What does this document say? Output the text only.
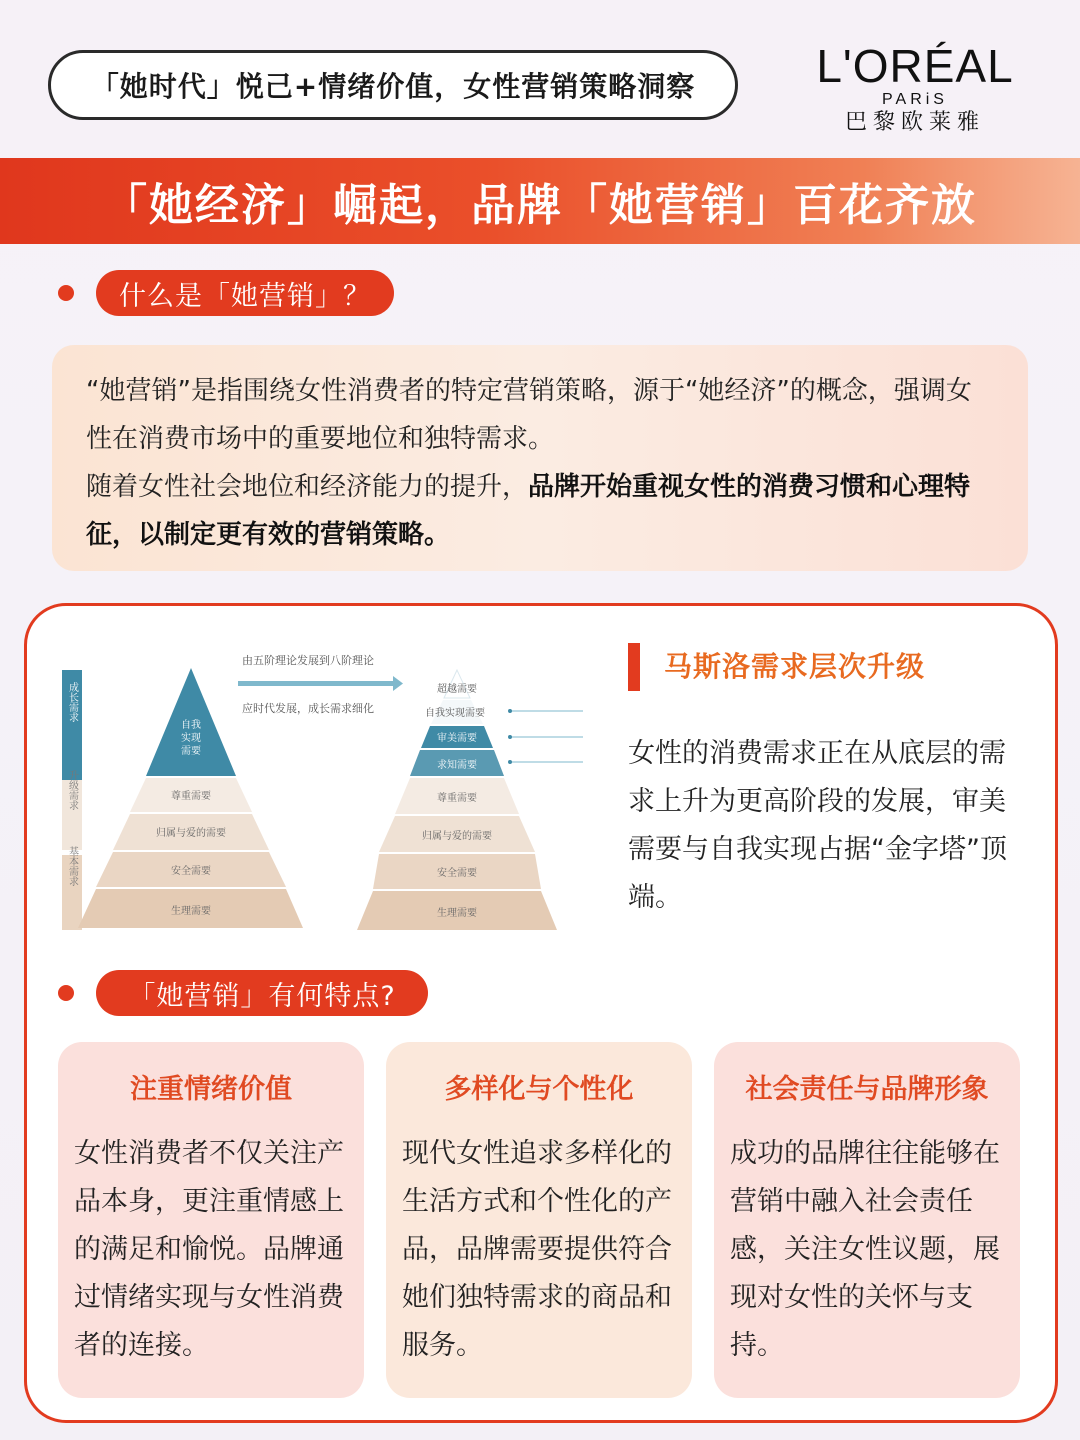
「她时代」悦己+情绪价值，女性营销策略洞察	L'ORÉAL
PARiS
巴黎欧莱雅
「她经济」崛起，品牌「她营销」百花齐放
什么是「她营销」？

“她营销”是指围绕女性消费者的特定营销策略，源于“她经济”的概念，强调女性在消费市场中的重要地位和独特需求。

随着女性社会地位和经济能力的提升，品牌开始重视女性的消费习惯和心理特征，以制定更有效的营销策略。

成长需求
升级需求
基本需求
自我实现需要
尊重需要
归属与爱的需要
安全需要
生理需要
由五阶理论发展到八阶理论
应时代发展，成长需求细化
超越需要
自我实现需要
审美需要
求知需要
尊重需要
归属与爱的需要
安全需要
生理需要
马斯洛需求层次升级
女性的消费需求正在从底层的需求上升为更高阶段的发展，审美需要与自我实现占据“金字塔”顶端。
「她营销」有何特点?
注重情绪价值
女性消费者不仅关注产品本身，更注重情感上的满足和愉悦。品牌通过情绪实现与女性消费者的连接。
多样化与个性化
现代女性追求多样化的生活方式和个性化的产品，品牌需要提供符合她们独特需求的商品和服务。
社会责任与品牌形象
成功的品牌往往能够在营销中融入社会责任感，关注女性议题，展现对女性的关怀与支持。
